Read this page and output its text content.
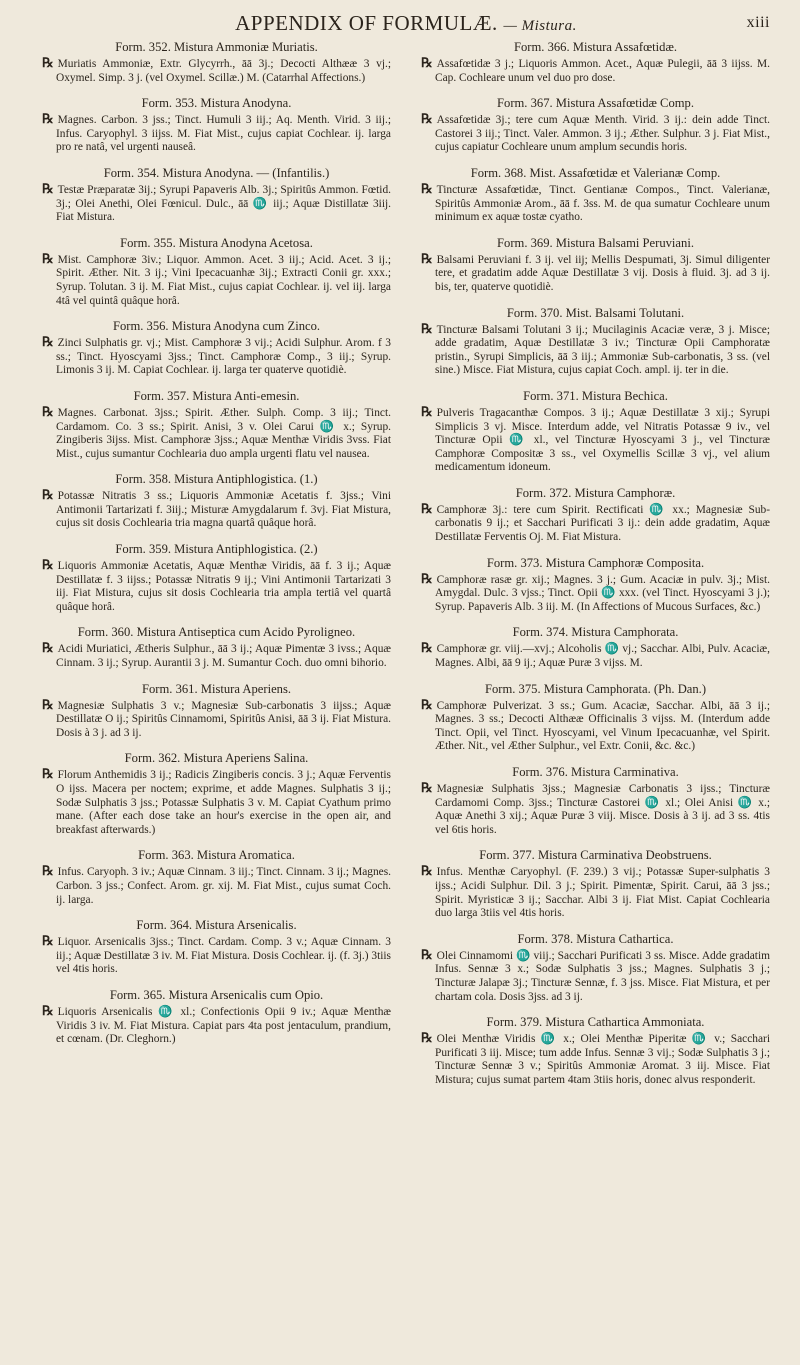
APPENDIX OF FORMULÆ. — Mistura.	xiii
Form. 352. Mistura Ammoniæ Muriatis.
℞ Muriatis Ammoniæ, Extr. Glycyrrh., āā 3j.; Decocti Althææ 3 vj.; Oxymel. Simp. 3 j. (vel Oxymel. Scillæ.) M. (Catarrhal Affections.)
Form. 353. Mistura Anodyna.
℞ Magnes. Carbon. 3 jss.; Tinct. Humuli 3 iij.; Aq. Menth. Virid. 3 iij.; Infus. Caryophyl. 3 iijss. M. Fiat Mist., cujus capiat Cochlear. ij. larga pro re natâ, vel urgenti nauseâ.
Form. 354. Mistura Anodyna. — (Infantilis.)
℞ Testæ Præparatæ 3ij.; Syrupi Papaveris Alb. 3j.; Spiritûs Ammon. Fœtid. 3j.; Olei Anethi, Olei Fœnicul. Dulc., āā ♏ iij.; Aquæ Distillatæ 3iij. Fiat Mistura.
Form. 355. Mistura Anodyna Acetosa.
℞ Mist. Camphoræ 3iv.; Liquor. Ammon. Acet. 3 iij.; Acid. Acet. 3 ij.; Spirit. Æther. Nit. 3 ij.; Vini Ipecacuanhæ 3ij.; Extracti Conii gr. xxx.; Syrup. Tolutan. 3 ij. M. Fiat Mist., cujus capiat Cochlear. ij. vel iij. larga 4tâ vel quintâ quâque horâ.
Form. 356. Mistura Anodyna cum Zinco.
℞ Zinci Sulphatis gr. vj.; Mist. Camphoræ 3 vij.; Acidi Sulphur. Arom. f 3 ss.; Tinct. Hyoscyami 3jss.; Tinct. Camphoræ Comp., 3 iij.; Syrup. Limonis 3 ij. M. Capiat Cochlear. ij. larga ter quaterve quotidiè.
Form. 357. Mistura Anti-emesin.
℞ Magnes. Carbonat. 3jss.; Spirit. Æther. Sulph. Comp. 3 iij.; Tinct. Cardamom. Co. 3 ss.; Spirit. Anisi, 3 v. Olei Carui ♏ x.; Syrup. Zingiberis 3ijss. Mist. Camphoræ 3jss.; Aquæ Menthæ Viridis 3vss. Fiat Mist., cujus sumantur Cochlearia duo ampla urgenti flatu vel nausea.
Form. 358. Mistura Antiphlogistica. (1.)
℞ Potassæ Nitratis 3 ss.; Liquoris Ammoniæ Acetatis f. 3jss.; Vini Antimonii Tartarizati f. 3iij.; Misturæ Amygdalarum f. 3vj. Fiat Mistura, cujus sit dosis Cochlearia tria magna quartâ quâque horâ.
Form. 359. Mistura Antiphlogistica. (2.)
℞ Liquoris Ammoniæ Acetatis, Aquæ Menthæ Viridis, āā f. 3 ij.; Aquæ Destillatæ f. 3 iijss.; Potassæ Nitratis 9 ij.; Vini Antimonii Tartarizati 3 iij. Fiat Mistura, cujus sit dosis Cochlearia tria ampla tertiâ vel quartâ quâque horâ.
Form. 360. Mistura Antiseptica cum Acido Pyroligneo.
℞ Acidi Muriatici, Ætheris Sulphur., āā 3 ij.; Aquæ Pimentæ 3 ivss.; Aquæ Cinnam. 3 ij.; Syrup. Aurantii 3 j. M. Sumantur Coch. duo omni bihorio.
Form. 361. Mistura Aperiens.
℞ Magnesiæ Sulphatis 3 v.; Magnesiæ Sub-carbonatis 3 iijss.; Aquæ Destillatæ O ij.; Spiritûs Cinnamomi, Spiritûs Anisi, āā 3 ij. Fiat Mistura. Dosis à 3 j. ad 3 ij.
Form. 362. Mistura Aperiens Salina.
℞ Florum Anthemidis 3 ij.; Radicis Zingiberis concis. 3 j.; Aquæ Ferventis O ijss. Macera per noctem; exprime, et adde Magnes. Sulphatis 3 ij.; Sodæ Sulphatis 3 jss.; Potassæ Sulphatis 3 v. M. Capiat Cyathum primo mane. (After each dose take an hour's exercise in the open air, and breakfast afterwards.)
Form. 363. Mistura Aromatica.
℞ Infus. Caryoph. 3 iv.; Aquæ Cinnam. 3 iij.; Tinct. Cinnam. 3 ij.; Magnes. Carbon. 3 jss.; Confect. Arom. gr. xij. M. Fiat Mist., cujus sumat Coch. ij. larga.
Form. 364. Mistura Arsenicalis.
℞ Liquor. Arsenicalis 3jss.; Tinct. Cardam. Comp. 3 v.; Aquæ Cinnam. 3 iij.; Aquæ Destillatæ 3 iv. M. Fiat Mistura. Dosis Cochlear. ij. (f. 3j.) 3tiis vel 4tis horis.
Form. 365. Mistura Arsenicalis cum Opio.
℞ Liquoris Arsenicalis ♏ xl.; Confectionis Opii 9 iv.; Aquæ Menthæ Viridis 3 iv. M. Fiat Mistura. Capiat pars 4ta post jentaculum, prandium, et cœnam. (Dr. Cleghorn.)
Form. 366. Mistura Assafœtidæ.
℞ Assafœtidæ 3 j.; Liquoris Ammon. Acet., Aquæ Pulegii, āā 3 iijss. M. Cap. Cochleare unum vel duo pro dose.
Form. 367. Mistura Assafœtidæ Comp.
℞ Assafœtidæ 3j.; tere cum Aquæ Menth. Virid. 3 ij.: dein adde Tinct. Castorei 3 iij.; Tinct. Valer. Ammon. 3 ij.; Æther. Sulphur. 3 j. Fiat Mist., cujus capiatur Cochleare unum amplum secundis horis.
Form. 368. Mist. Assafœtidæ et Valerianæ Comp.
℞ Tincturæ Assafœtidæ, Tinct. Gentianæ Compos., Tinct. Valerianæ, Spiritûs Ammoniæ Arom., āā f. 3ss. M. de qua sumatur Cochleare unum minimum ex aquæ tostæ cyatho.
Form. 369. Mistura Balsami Peruviani.
℞ Balsami Peruviani f. 3 ij. vel iij; Mellis Despumati, 3j. Simul diligenter tere, et gradatim adde Aquæ Destillatæ 3 vij. Dosis à fluid. 3j. ad 3 ij. bis, ter, quaterve quotidiè.
Form. 370. Mist. Balsami Tolutani.
℞ Tincturæ Balsami Tolutani 3 ij.; Mucilaginis Acaciæ veræ, 3 j. Misce; adde gradatim, Aquæ Destillatæ 3 iv.; Tincturæ Opii Camphoratæ pristin., Syrupi Simplicis, āā 3 iij.; Ammoniæ Sub-carbonatis, 3 ss. (vel sine.) Misce. Fiat Mistura, cujus capiat Coch. ampl. ij. ter in die.
Form. 371. Mistura Bechica.
℞ Pulveris Tragacanthæ Compos. 3 ij.; Aquæ Destillatæ 3 xij.; Syrupi Simplicis 3 vj. Misce. Interdum adde, vel Nitratis Potassæ 9 iv., vel Tincturæ Opii ♏ xl., vel Tincturæ Hyoscyami 3 j., vel Tincturæ Camphoræ Compositæ 3 ss., vel Oxymellis Scillæ 3 vj., vel alium medicamentum idoneum.
Form. 372. Mistura Camphoræ.
℞ Camphoræ 3j.: tere cum Spirit. Rectificati ♏ xx.; Magnesiæ Sub-carbonatis 9 ij.; et Sacchari Purificati 3 ij.: dein adde gradatim, Aquæ Destillatæ Ferventis Oj. M. Fiat Mistura.
Form. 373. Mistura Camphoræ Composita.
℞ Camphoræ rasæ gr. xij.; Magnes. 3 j.; Gum. Acaciæ in pulv. 3j.; Mist. Amygdal. Dulc. 3 vjss.; Tinct. Opii ♏ xxx. (vel Tinct. Hyoscyami 3 j.); Syrup. Papaveris Alb. 3 iij. M. (In Affections of Mucous Surfaces, &c.)
Form. 374. Mistura Camphorata.
℞ Camphoræ gr. viij.—xvj.; Alcoholis ♏ vj.; Sacchar. Albi, Pulv. Acaciæ, Magnes. Albi, āā 9 ij.; Aquæ Puræ 3 vijss. M.
Form. 375. Mistura Camphorata. (Ph. Dan.)
℞ Camphoræ Pulverizat. 3 ss.; Gum. Acaciæ, Sacchar. Albi, āā 3 ij.; Magnes. 3 ss.; Decocti Althææ Officinalis 3 vijss. M. (Interdum adde Tinct. Opii, vel Tinct. Hyoscyami, vel Vinum Ipecacuanhæ, vel Spirit. Æther. Nit., vel Æther Sulphur., vel Extr. Conii, &c. &c.)
Form. 376. Mistura Carminativa.
℞ Magnesiæ Sulphatis 3jss.; Magnesiæ Carbonatis 3 ijss.; Tincturæ Cardamomi Comp. 3jss.; Tincturæ Castorei ♏ xl.; Olei Anisi ♏ x.; Aquæ Anethi 3 xij.; Aquæ Puræ 3 viij. Misce. Dosis à 3 ij. ad 3 ss. 4tis vel 6tis horis.
Form. 377. Mistura Carminativa Deobstruens.
℞ Infus. Menthæ Caryophyl. (F. 239.) 3 vij.; Potassæ Super-sulphatis 3 ijss.; Acidi Sulphur. Dil. 3 j.; Spirit. Pimentæ, Spirit. Carui, āā 3 jss.; Spirit. Myristicæ 3 ij.; Sacchar. Albi 3 ij. Fiat Mist. Capiat Cochlearia duo larga 3tiis vel 4tis horis.
Form. 378. Mistura Cathartica.
℞ Olei Cinnamomi ♏ viij.; Sacchari Purificati 3 ss. Misce. Adde gradatim Infus. Sennæ 3 x.; Sodæ Sulphatis 3 jss.; Magnes. Sulphatis 3 j.; Tincturæ Jalapæ 3j.; Tincturæ Sennæ, f. 3 jss. Misce. Fiat Mistura, et per chartam cola. Dosis 3jss. ad 3 ij.
Form. 379. Mistura Cathartica Ammoniata.
℞ Olei Menthæ Viridis ♏ x.; Olei Menthæ Piperitæ ♏ v.; Sacchari Purificati 3 iij. Misce; tum adde Infus. Sennæ 3 vij.; Sodæ Sulphatis 3 j.; Tincturæ Sennæ 3 v.; Spiritûs Ammoniæ Aromat. 3 iij. Misce. Fiat Mistura; cujus sumat partem 4tam 3tiis horis, donec alvus responderit.
